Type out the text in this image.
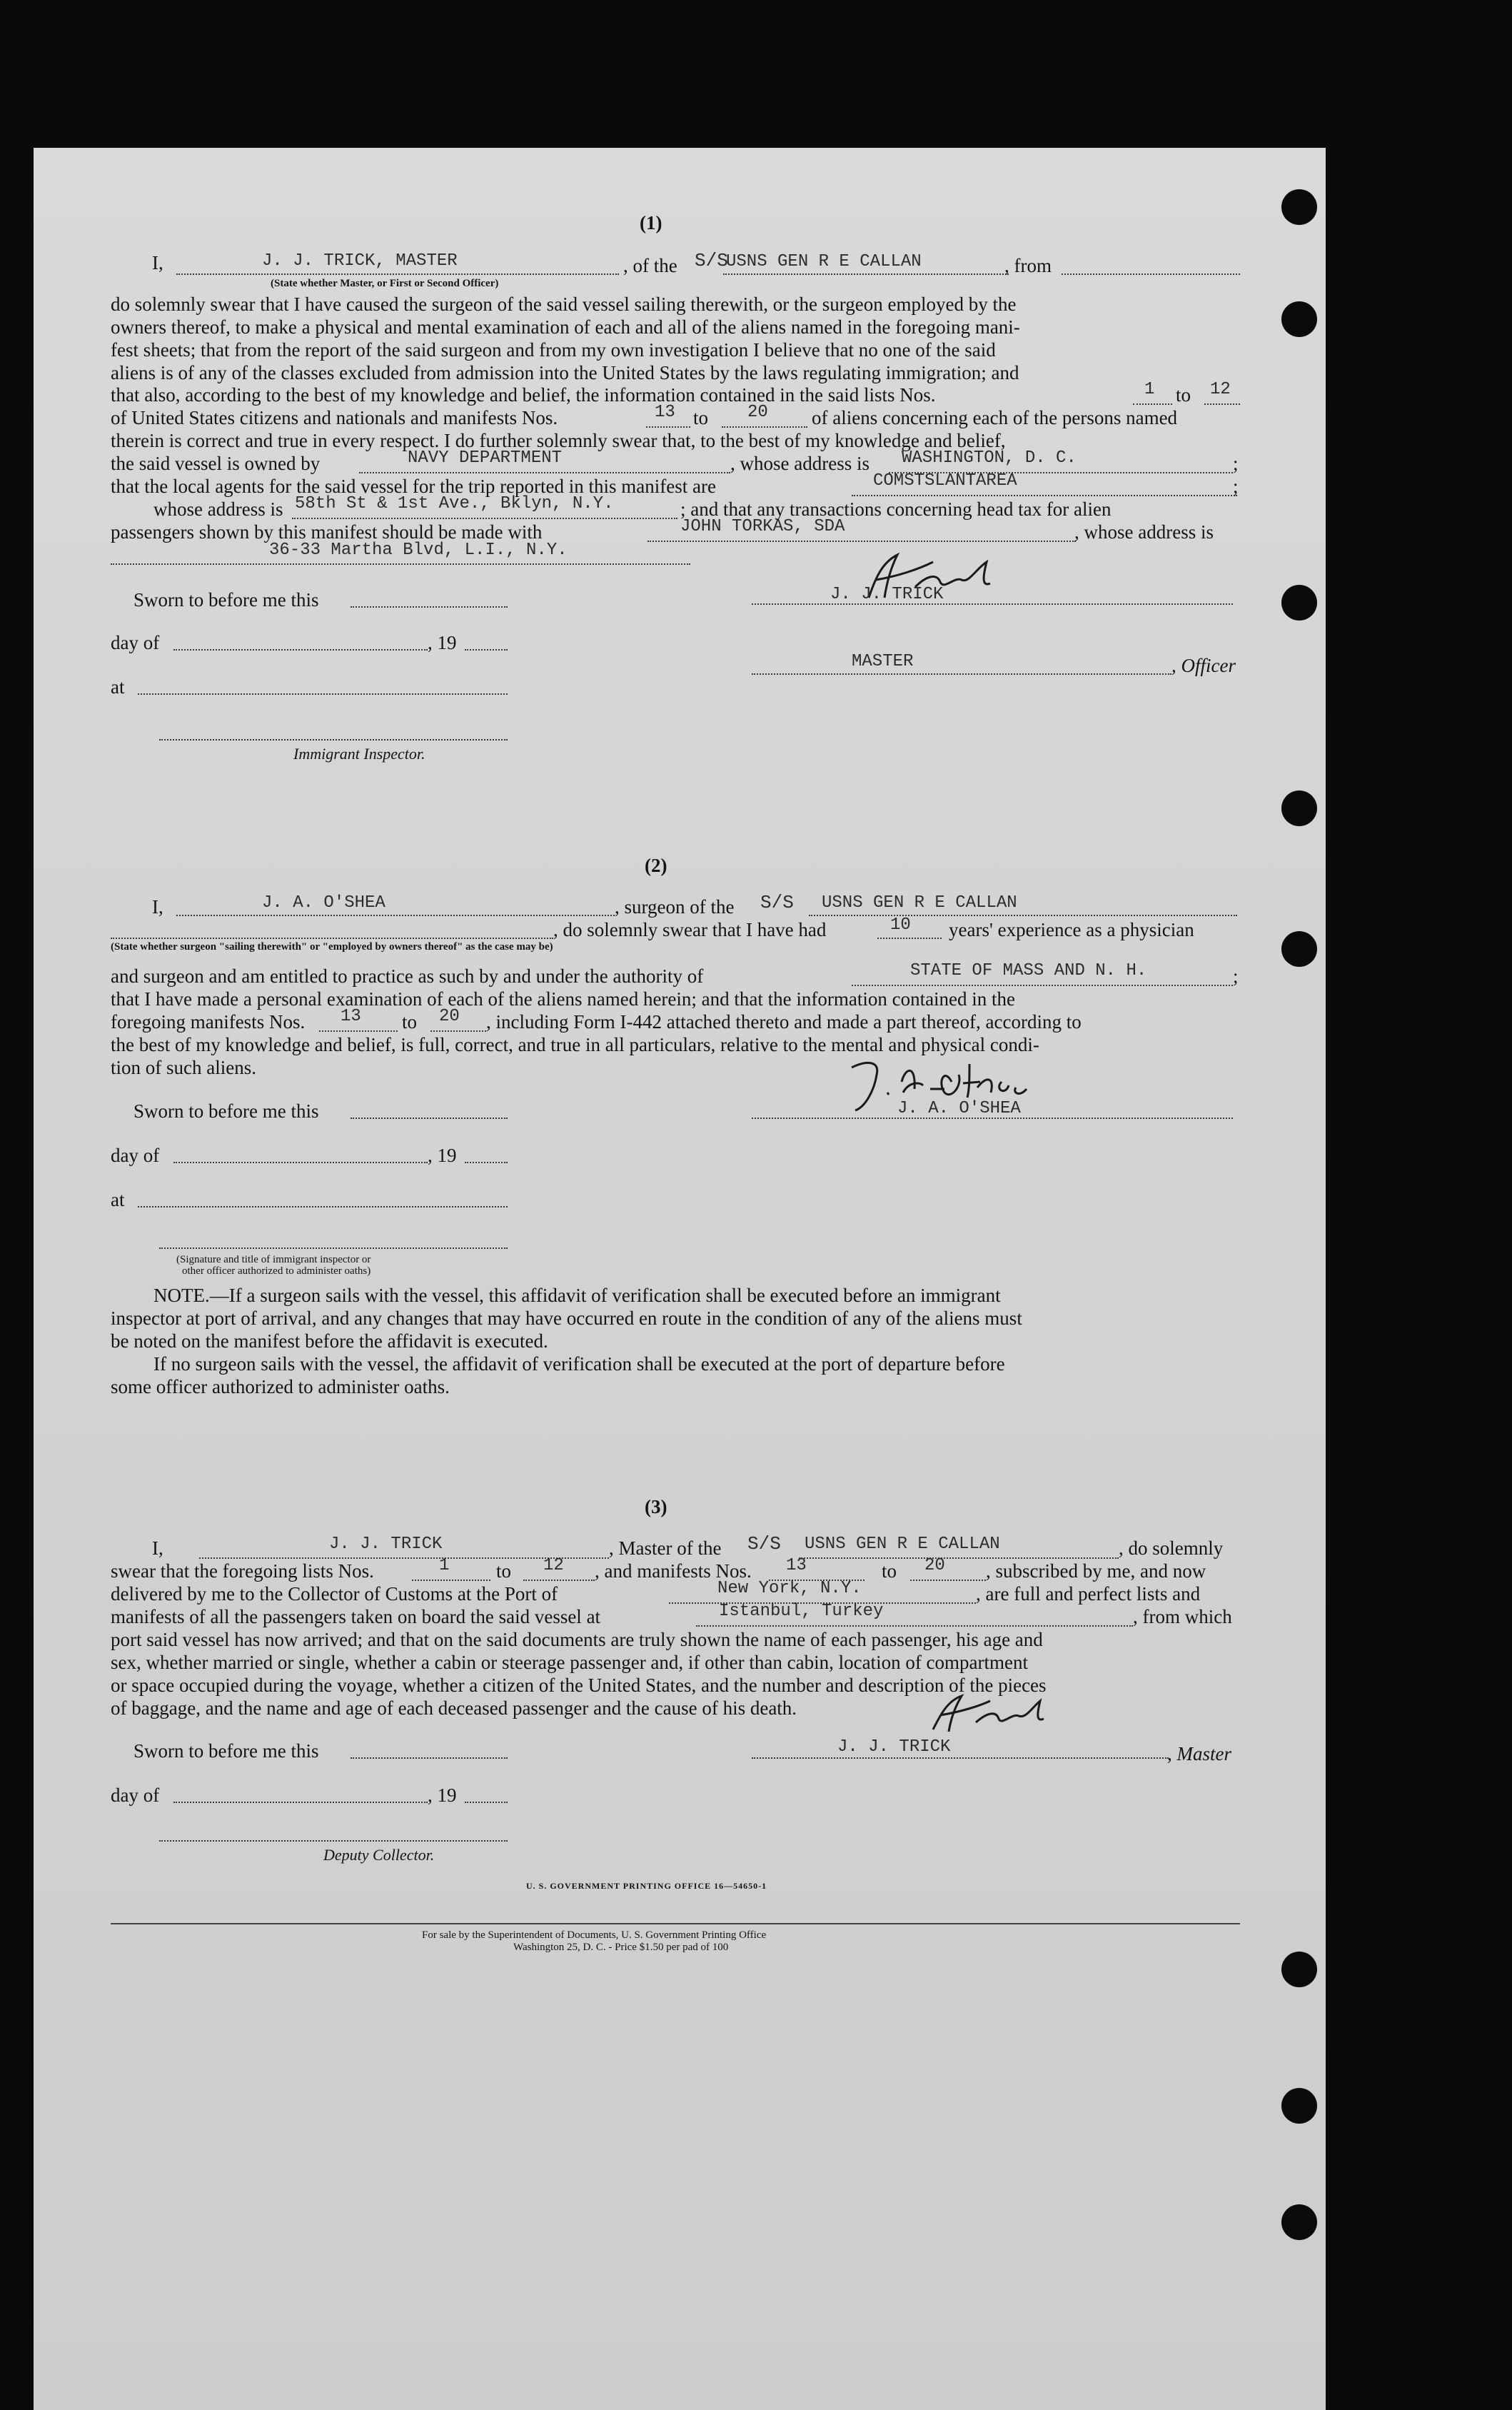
(1)
I,	J. J. TRICK, MASTER	, of the S/S
USNS GEN R E CALLAN	, from
(State whether Master, or First or Second Officer)
do solemnly swear that I have caused the surgeon of the said vessel sailing therewith, or the surgeon employed by the
owners thereof, to make a physical and mental examination of each and all of the aliens named in the foregoing mani-
fest sheets; that from the report of the said surgeon and from my own investigation I believe that no one of the said
aliens is of any of the classes excluded from admission into the United States by the laws regulating immigration; and
that also, according to the best of my knowledge and belief, the information contained in the said lists Nos.	1 to 12
of United States citizens and nationals and manifests Nos.	13 to 20 of aliens concerning each of the persons named
therein is correct and true in every respect. I do further solemnly swear that, to the best of my knowledge and belief,
the said vessel is owned by	NAVY DEPARTMENT	, whose address is WASHINGTON, D. C.	;
that the local agents for the said vessel for the trip reported in this manifest are	COMSTSLANTAREA	;
whose address is 58th St & 1st Ave., Bklyn, N.Y.	; and that any transactions concerning head tax for alien
passengers shown by this manifest should be made with	JOHN TORKAS, SDA	, whose address is
36-33 Martha Blvd, L.I., N.Y.
Sworn to before me this
day of	, 19
at
Immigrant Inspector.
J. J. TRICK
MASTER	, Officer
(2)
I,	J. A. O'SHEA	, surgeon of the S/S USNS GEN R E CALLAN
, do solemnly swear that I have had	10 years' experience as a physician
(State whether surgeon "sailing therewith" or "employed by owners thereof" as the case may be)
and surgeon and am entitled to practice as such by and under the authority of	STATE OF MASS AND N. H.	;
that I have made a personal examination of each of the aliens named herein; and that the information contained in the
foregoing manifests Nos. 13 to 20 , including Form I-442 attached thereto and made a part thereof, according to
the best of my knowledge and belief, is full, correct, and true in all particulars, relative to the mental and physical condi-
tion of such aliens.
Sworn to before me this	J. A. O'SHEA
day of	, 19
at
(Signature and title of immigrant inspector or
other officer authorized to administer oaths)
NOTE.—If a surgeon sails with the vessel, this affidavit of verification shall be executed before an immigrant
inspector at port of arrival, and any changes that may have occurred en route in the condition of any of the aliens must
be noted on the manifest before the affidavit is executed.
If no surgeon sails with the vessel, the affidavit of verification shall be executed at the port of departure before
some officer authorized to administer oaths.
(3)
I,	J. J. TRICK	, Master of the S/S USNS GEN R E CALLAN	, do solemnly
swear that the foregoing lists Nos.	1 to 12 , and manifests Nos. 13	to 20 , subscribed by me, and now
delivered by me to the Collector of Customs at the Port of	New York, N.Y.	, are full and perfect lists and
manifests of all the passengers taken on board the said vessel at	Istanbul, Turkey	, from which
port said vessel has now arrived; and that on the said documents are truly shown the name of each passenger, his age and
sex, whether married or single, whether a cabin or steerage passenger and, if other than cabin, location of compartment
or space occupied during the voyage, whether a citizen of the United States, and the number and description of the pieces
of baggage, and the name and age of each deceased passenger and the cause of his death.
Sworn to before me this	J. J. TRICK	, Master
day of	, 19
Deputy Collector.
U. S. GOVERNMENT PRINTING OFFICE 16—54650-1
For sale by the Superintendent of Documents, U. S. Government Printing Office
Washington 25, D. C. - Price $1.50 per pad of 100
